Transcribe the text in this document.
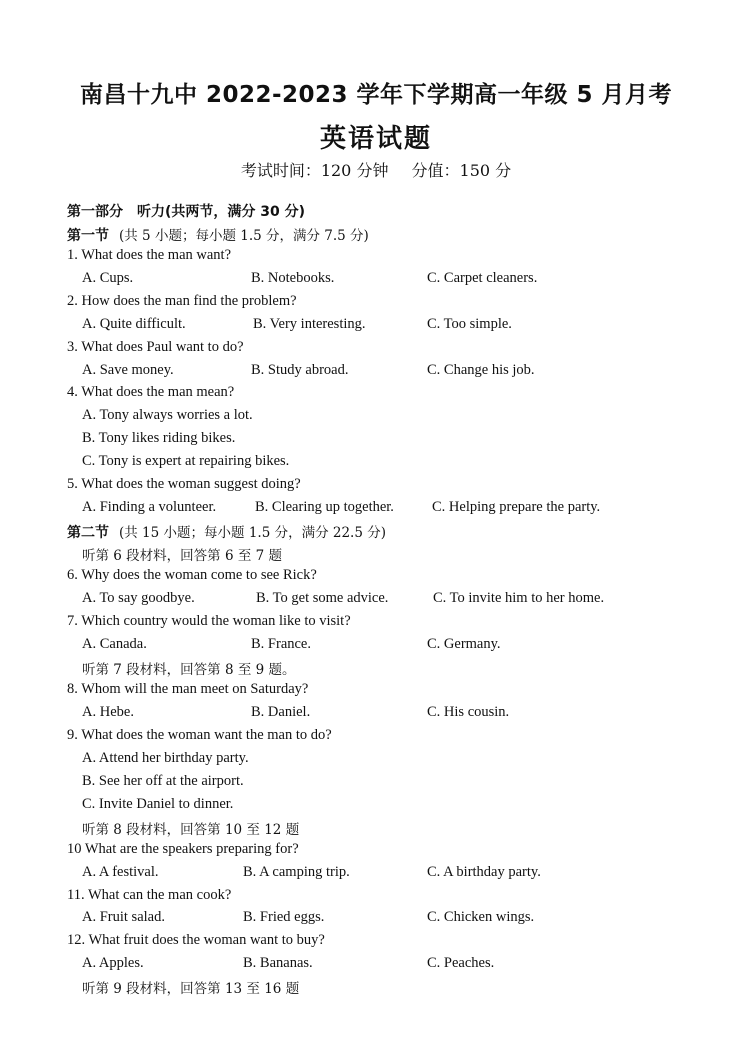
南昌十九中 2022-2023 学年下学期高一年级 5 月月考
英语试题
考试时间：120 分钟 分值：150 分
第一部分　听力(共两节，满分 30 分)
第一节 (共 5 小题；每小题 1.5 分，满分 7.5 分)
1. What does the man want?
A. Cups.	B. Notebooks.	C. Carpet cleaners.
2. How does the man find the problem?
A. Quite difficult.	B. Very interesting.	C. Too simple.
3. What does Paul want to do?
A. Save money.	B. Study abroad.	C. Change his job.
4. What does the man mean?
A. Tony always worries a lot.
B. Tony likes riding bikes.
C. Tony is expert at repairing bikes.
5. What does the woman suggest doing?
A. Finding a volunteer.	B. Clearing up together.	C. Helping prepare the party.
第二节 (共 15 小题；每小题 1.5 分，满分 22.5 分)
听第 6 段材料，回答第 6 至 7 题
6. Why does the woman come to see Rick?
A. To say goodbye.	B. To get some advice.	C. To invite him to her home.
7. Which country would the woman like to visit?
A. Canada.	B. France.	C. Germany.
听第 7 段材料，回答第 8 至 9 题。
8. Whom will the man meet on Saturday?
A. Hebe.	B. Daniel.	C. His cousin.
9. What does the woman want the man to do?
A. Attend her birthday party.
B. See her off at the airport.
C. Invite Daniel to dinner.
听第 8 段材料，回答第 10 至 12 题
10 What are the speakers preparing for?
A. A festival.	B. A camping trip.	C. A birthday party.
11. What can the man cook?
A. Fruit salad.	B. Fried eggs.	C. Chicken wings.
12. What fruit does the woman want to buy?
A. Apples.	B. Bananas.	C. Peaches.
听第 9 段材料，回答第 13 至 16 题
